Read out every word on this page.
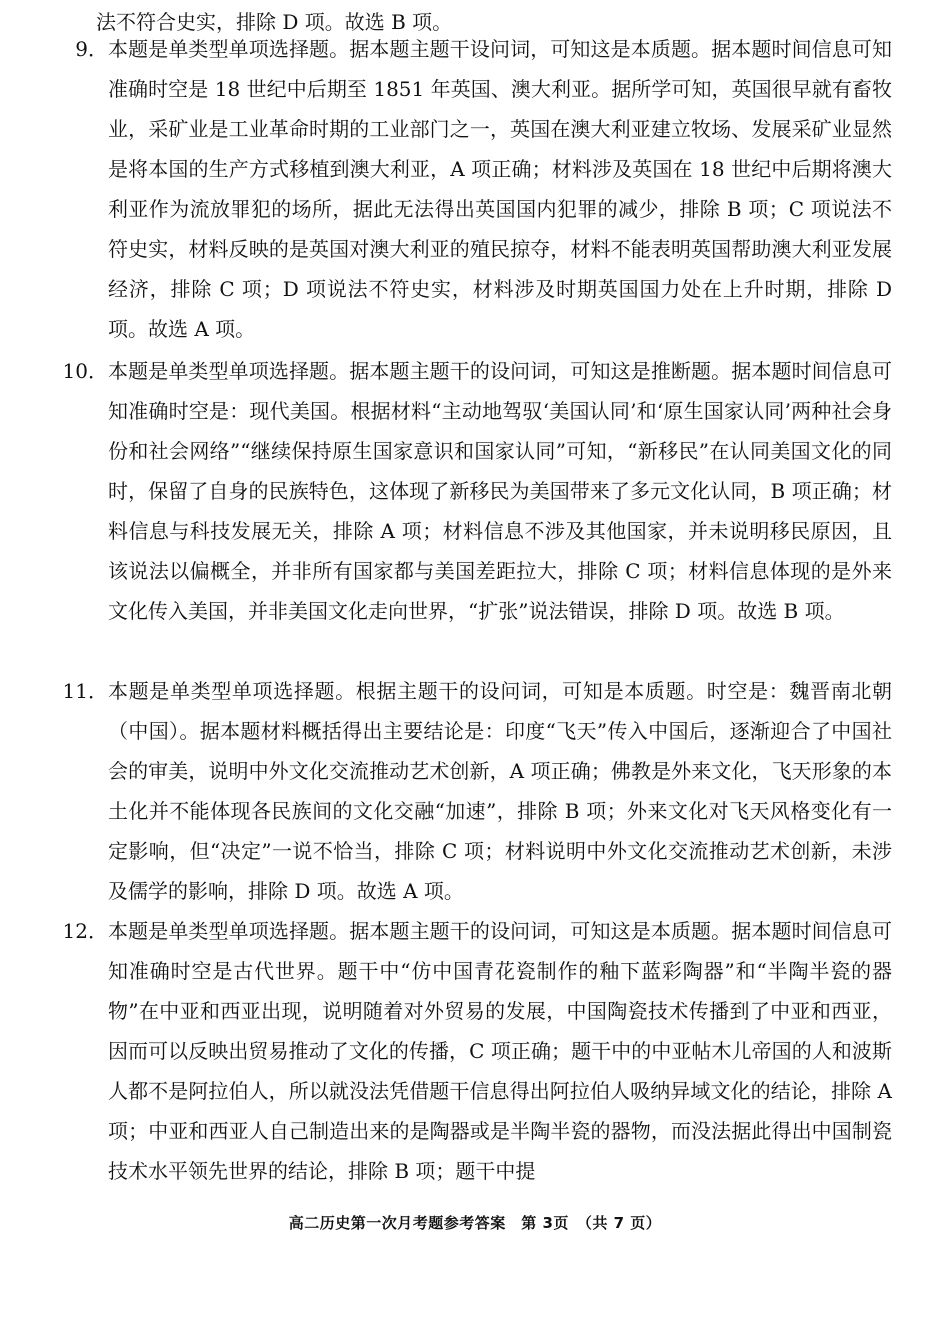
法不符合史实，排除 D 项。故选 B 项。
9． 本题是单类型单项选择题。据本题主题干设问词，可知这是本质题。据本题时间信息可知准确时空是 18 世纪中后期至 1851 年英国、澳大利亚。据所学可知，英国很早就有畜牧业，采矿业是工业革命时期的工业部门之一，英国在澳大利亚建立牧场、发展采矿业显然是将本国的生产方式移植到澳大利亚，A 项正确；材料涉及英国在 18 世纪中后期将澳大利亚作为流放罪犯的场所，据此无法得出英国国内犯罪的减少，排除 B 项；C 项说法不符史实，材料反映的是英国对澳大利亚的殖民掠夺，材料不能表明英国帮助澳大利亚发展经济，排除 C 项；D 项说法不符史实，材料涉及时期英国国力处在上升时期，排除 D 项。故选 A 项。
10． 本题是单类型单项选择题。据本题主题干的设问词，可知这是推断题。据本题时间信息可知准确时空是：现代美国。根据材料“主动地驾驭‘美国认同’和‘原生国家认同’两种社会身份和社会网络”“继续保持原生国家意识和国家认同”可知，“新移民”在认同美国文化的同时，保留了自身的民族特色，这体现了新移民为美国带来了多元文化认同，B 项正确；材料信息与科技发展无关，排除 A 项；材料信息不涉及其他国家，并未说明移民原因，且该说法以偏概全，并非所有国家都与美国差距拉大，排除 C 项；材料信息体现的是外来文化传入美国，并非美国文化走向世界，“扩张”说法错误，排除 D 项。故选 B 项。
11． 本题是单类型单项选择题。根据主题干的设问词，可知是本质题。时空是：魏晋南北朝（中国）。据本题材料概括得出主要结论是：印度“飞天”传入中国后，逐渐迎合了中国社会的审美，说明中外文化交流推动艺术创新，A 项正确；佛教是外来文化，飞天形象的本土化并不能体现各民族间的文化交融“加速”，排除 B 项；外来文化对飞天风格变化有一定影响，但“决定”一说不恰当，排除 C 项；材料说明中外文化交流推动艺术创新，未涉及儒学的影响，排除 D 项。故选 A 项。
12． 本题是单类型单项选择题。据本题主题干的设问词，可知这是本质题。据本题时间信息可知准确时空是古代世界。题干中“仿中国青花瓷制作的釉下蓝彩陶器”和“半陶半瓷的器物”在中亚和西亚出现，说明随着对外贸易的发展，中国陶瓷技术传播到了中亚和西亚，因而可以反映出贸易推动了文化的传播，C 项正确；题干中的中亚帖木儿帝国的人和波斯人都不是阿拉伯人，所以就没法凭借题干信息得出阿拉伯人吸纳异域文化的结论，排除 A 项；中亚和西亚人自己制造出来的是陶器或是半陶半瓷的器物，而没法据此得出中国制瓷技术水平领先世界的结论，排除 B 项；题干中提
高二历史第一次月考题参考答案　第 3页　（共 7 页）
